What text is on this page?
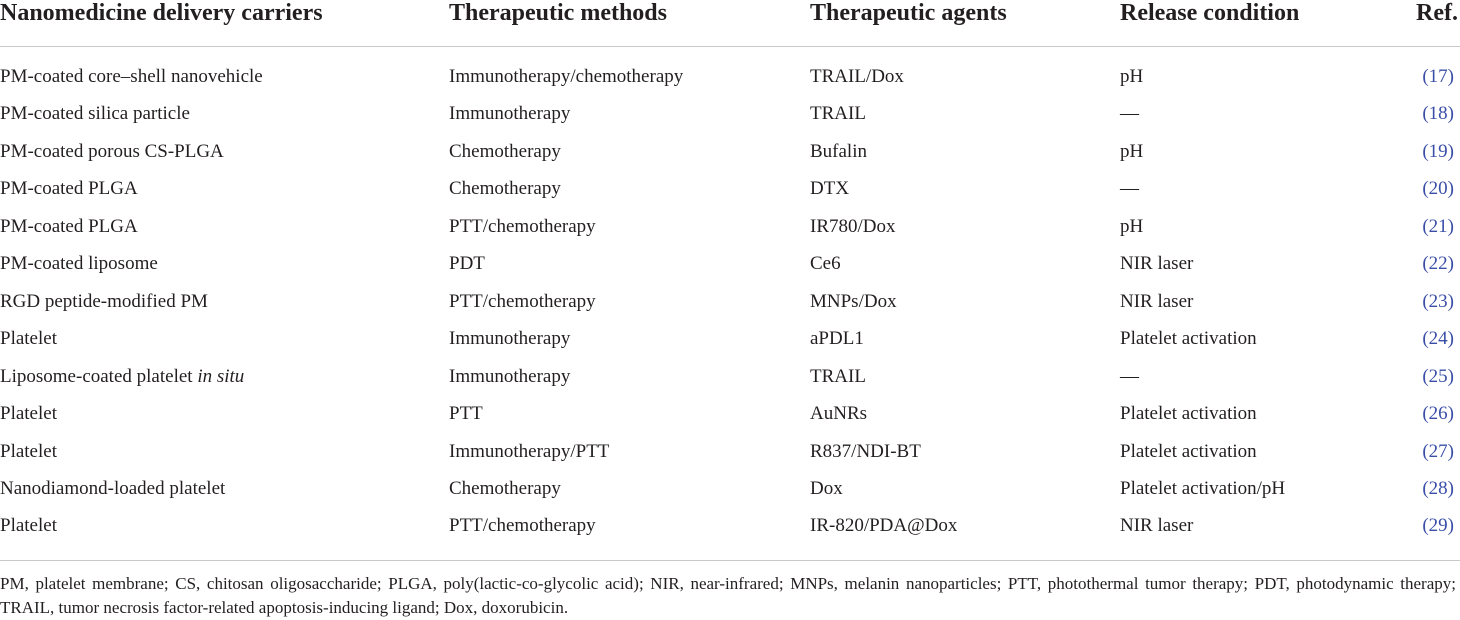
Nanomedicine delivery carriers	Therapeutic methods	Therapeutic agents	Release condition	Ref.
PM-coated core–shell nanovehicle	Immunotherapy/chemotherapy	TRAIL/Dox	pH	(17)
PM-coated silica particle	Immunotherapy	TRAIL	—	(18)
PM-coated porous CS-PLGA	Chemotherapy	Bufalin	pH	(19)
PM-coated PLGA	Chemotherapy	DTX	—	(20)
PM-coated PLGA	PTT/chemotherapy	IR780/Dox	pH	(21)
PM-coated liposome	PDT	Ce6	NIR laser	(22)
RGD peptide-modified PM	PTT/chemotherapy	MNPs/Dox	NIR laser	(23)
Platelet	Immunotherapy	aPDL1	Platelet activation	(24)
Liposome-coated platelet in situ	Immunotherapy	TRAIL	—	(25)
Platelet	PTT	AuNRs	Platelet activation	(26)
Platelet	Immunotherapy/PTT	R837/NDI-BT	Platelet activation	(27)
Nanodiamond-loaded platelet	Chemotherapy	Dox	Platelet activation/pH	(28)
Platelet	PTT/chemotherapy	IR-820/PDA@Dox	NIR laser	(29)
PM, platelet membrane; CS, chitosan oligosaccharide; PLGA, poly(lactic-co-glycolic acid); NIR, near-infrared; MNPs, melanin nanoparticles; PTT, photothermal tumor therapy; PDT, photodynamic therapy; TRAIL, tumor necrosis factor-related apoptosis-inducing ligand; Dox, doxorubicin.
